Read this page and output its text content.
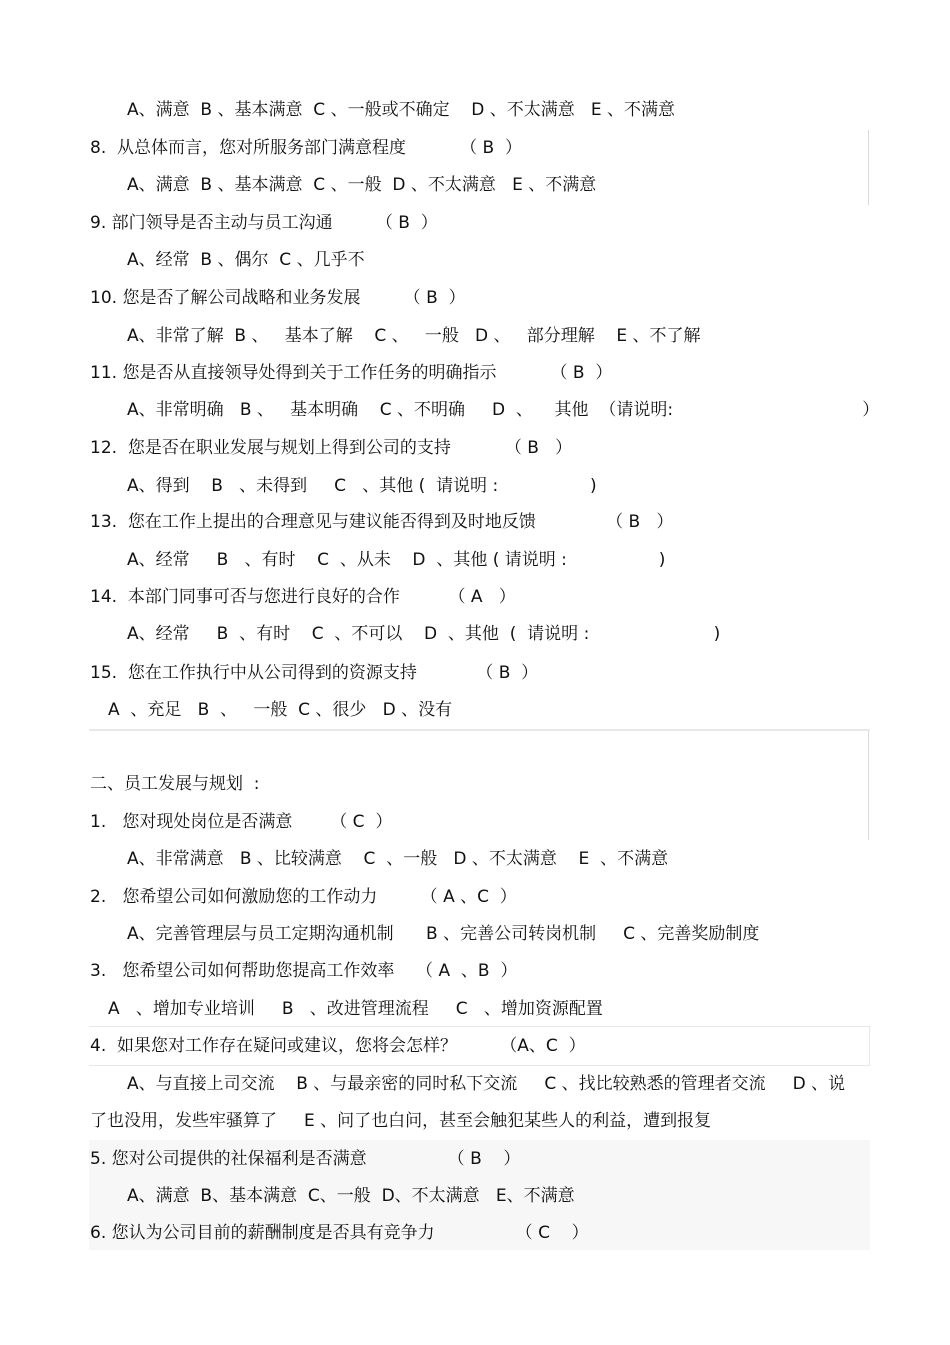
A、满意  B 、基本满意  C 、一般或不确定    D 、不太满意   E 、不满意
8.  从总体而言，您对所服务部门满意程度          （ B  ）
A、满意  B 、基本满意  C 、一般  D 、不太满意   E 、不满意
9. 部门领导是否主动与员工沟通        （ B  ）
A、经常  B 、偶尔  C 、几乎不
10. 您是否了解公司战略和业务发展        （ B  ）
A、非常了解  B 、   基本了解    C 、   一般   D 、   部分理解    E 、不了解
11. 您是否从直接领导处得到关于工作任务的明确指示          （ B  ）
A、非常明确   B 、   基本明确    C 、不明确     D  、    其他  （请说明:                                   ）
12.  您是否在职业发展与规划上得到公司的支持          （ B   ）
A、得到    B   、未得到     C   、其他 (  请说明 :                 )
13.  您在工作上提出的合理意见与建议能否得到及时地反馈             （ B   ）
A、经常     B   、有时    C  、从未    D  、其他 ( 请说明 :                 )
14.  本部门同事可否与您进行良好的合作         （ A   ）
A、经常     B  、有时    C  、不可以    D  、其他  (  请说明 :                       )
15.  您在工作执行中从公司得到的资源支持           （ B  ）
A  、充足   B  、   一般  C 、很少   D 、没有
二、员工发展与规划  :
1.   您对现处岗位是否满意       （ C  ）
A、非常满意   B 、比较满意    C  、一般   D 、不太满意    E  、不满意
2.   您希望公司如何激励您的工作动力        （ A 、C  ）
A、完善管理层与员工定期沟通机制      B 、完善公司转岗机制     C 、完善奖励制度
3.   您希望公司如何帮助您提高工作效率    （ A  、B  ）
A   、增加专业培训     B   、改进管理流程     C   、增加资源配置
4.  如果您对工作存在疑问或建议，您将会怎样？        （A、C  ）
A、与直接上司交流    B 、与最亲密的同时私下交流     C 、找比较熟悉的管理者交流     D 、说
了也没用，发些牢骚算了     E 、问了也白问，甚至会触犯某些人的利益，遭到报复
5. 您对公司提供的社保福利是否满意               （ B    ）
A、满意  B、基本满意  C、一般  D、不太满意   E、不满意
6. 您认为公司目前的薪酬制度是否具有竞争力               （ C    ）
